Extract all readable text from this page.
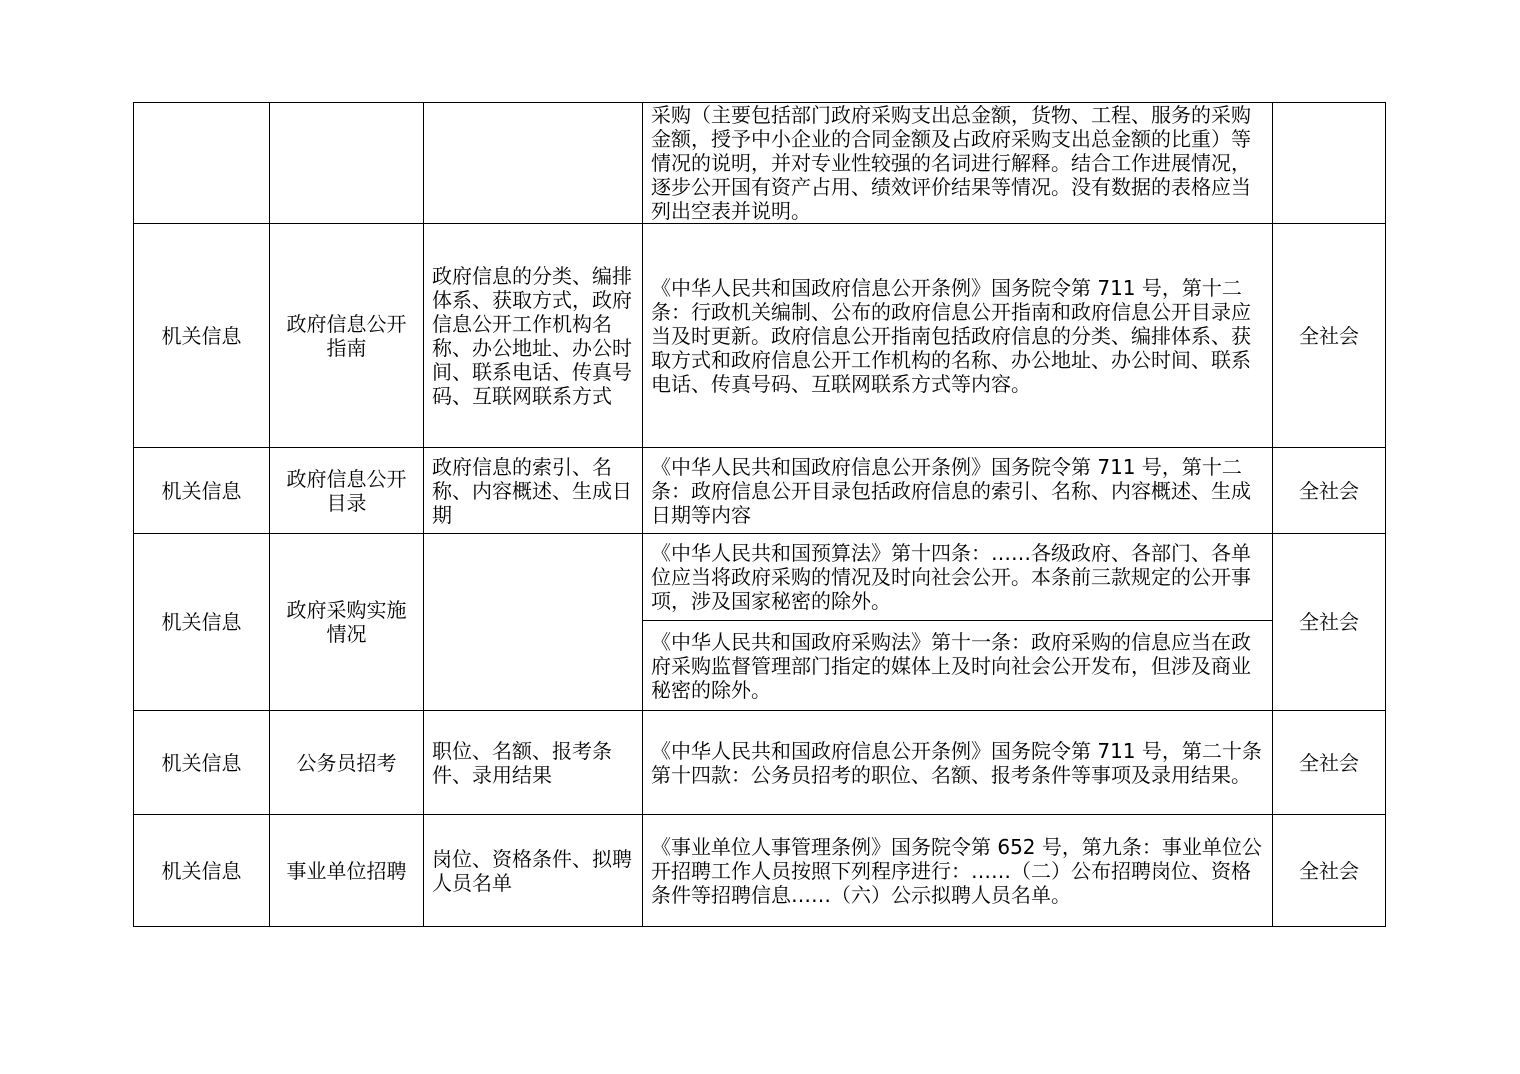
			采购（主要包括部门政府采购支出总金额，货物、工程、服务的采购金额，授予中小企业的合同金额及占政府采购支出总金额的比重）等情况的说明，并对专业性较强的名词进行解释。结合工作进展情况，逐步公开国有资产占用、绩效评价结果等情况。没有数据的表格应当列出空表并说明。	
机关信息	政府信息公开指南	政府信息的分类、编排体系、获取方式，政府信息公开工作机构名称、办公地址、办公时间、联系电话、传真号码、互联网联系方式	《中华人民共和国政府信息公开条例》国务院令第 711 号，第十二条：行政机关编制、公布的政府信息公开指南和政府信息公开目录应当及时更新。政府信息公开指南包括政府信息的分类、编排体系、获取方式和政府信息公开工作机构的名称、办公地址、办公时间、联系电话、传真号码、互联网联系方式等内容。	全社会
机关信息	政府信息公开目录	政府信息的索引、名称、内容概述、生成日期	《中华人民共和国政府信息公开条例》国务院令第 711 号，第十二条：政府信息公开目录包括政府信息的索引、名称、内容概述、生成日期等内容	全社会
机关信息	政府采购实施情况		《中华人民共和国预算法》第十四条：……各级政府、各部门、各单位应当将政府采购的情况及时向社会公开。本条前三款规定的公开事项，涉及国家秘密的除外。	全社会
			《中华人民共和国政府采购法》第十一条：政府采购的信息应当在政府采购监督管理部门指定的媒体上及时向社会公开发布，但涉及商业秘密的除外。	
机关信息	公务员招考	职位、名额、报考条件、录用结果	《中华人民共和国政府信息公开条例》国务院令第 711 号，第二十条第十四款：公务员招考的职位、名额、报考条件等事项及录用结果。	全社会
机关信息	事业单位招聘	岗位、资格条件、拟聘人员名单	《事业单位人事管理条例》国务院令第 652 号，第九条：事业单位公开招聘工作人员按照下列程序进行：……（二）公布招聘岗位、资格条件等招聘信息……（六）公示拟聘人员名单。	全社会
